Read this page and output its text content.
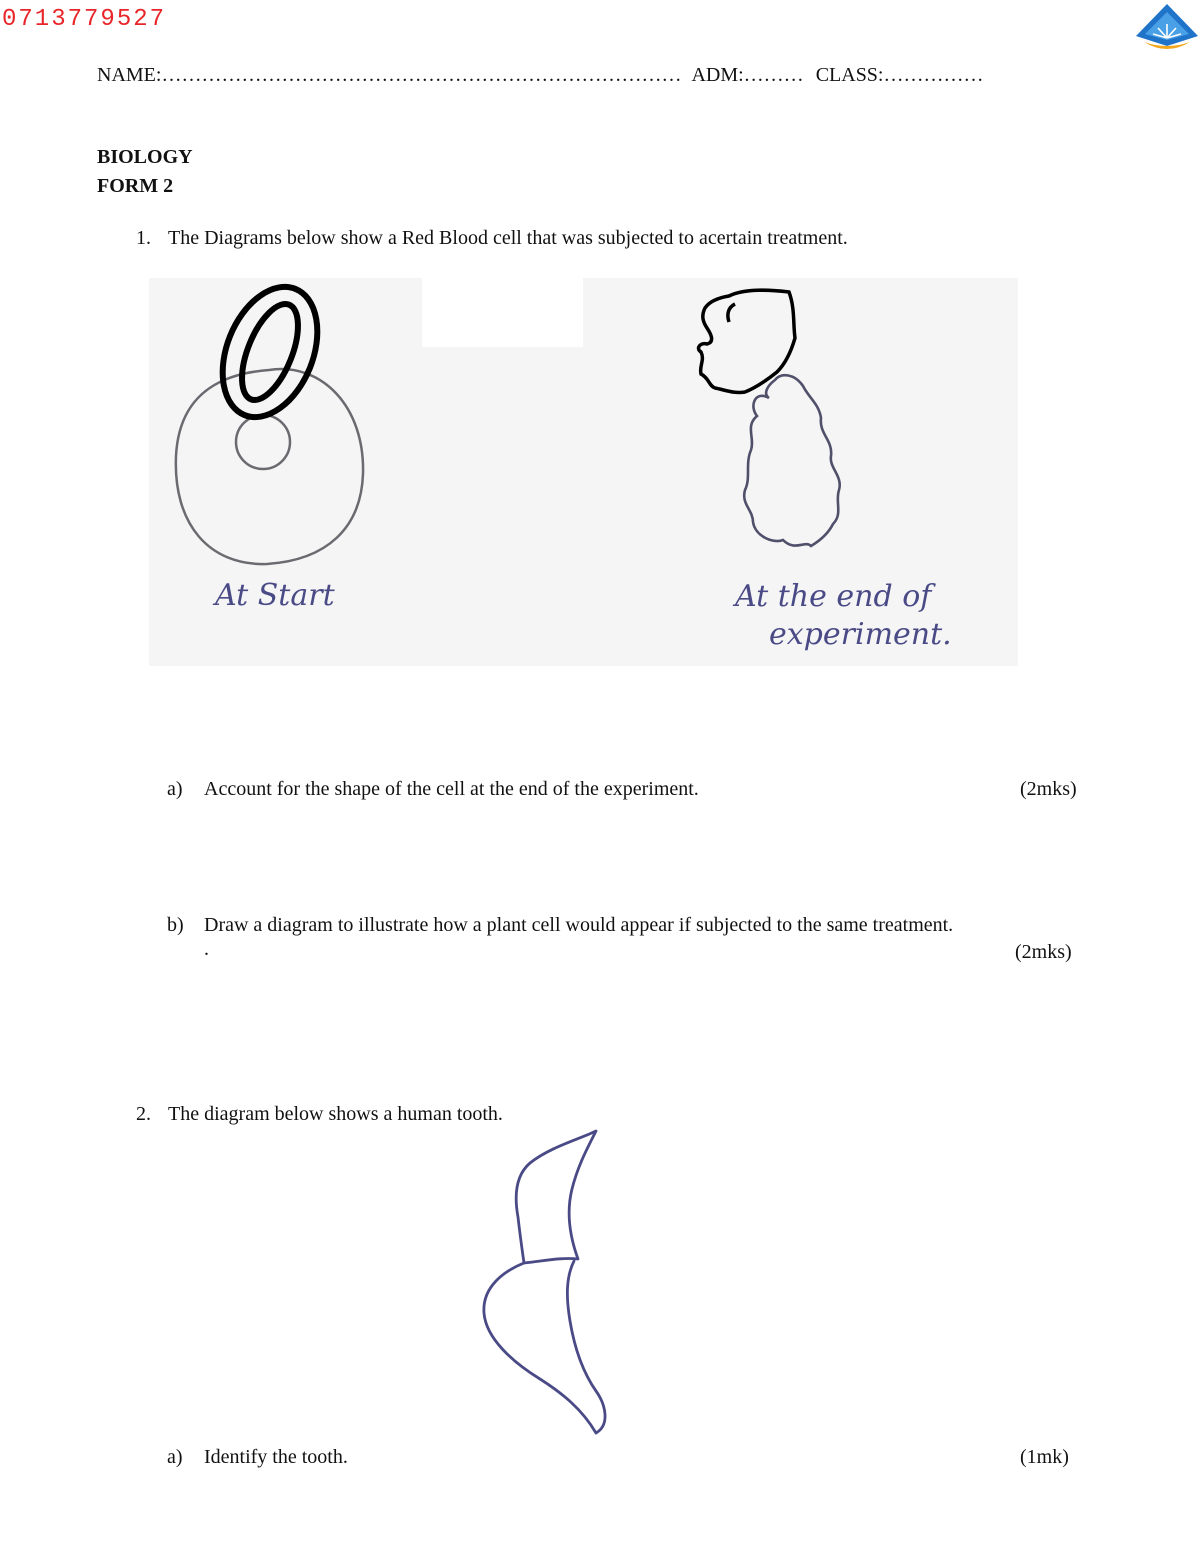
0713779527
NAME:…………………………………………………………………… ADM:……… CLASS:……………
BIOLOGY
FORM 2
1. The Diagrams below show a Red Blood cell that was subjected to acertain treatment.
At Start	At the end of
experiment.
a) Account for the shape of the cell at the end of the experiment.	(2mks)
b) Draw a diagram to illustrate how a plant cell would appear if subjected to the same treatment.
.	(2mks)
2. The diagram below shows a human tooth.
a) Identify the tooth.	(1mk)
